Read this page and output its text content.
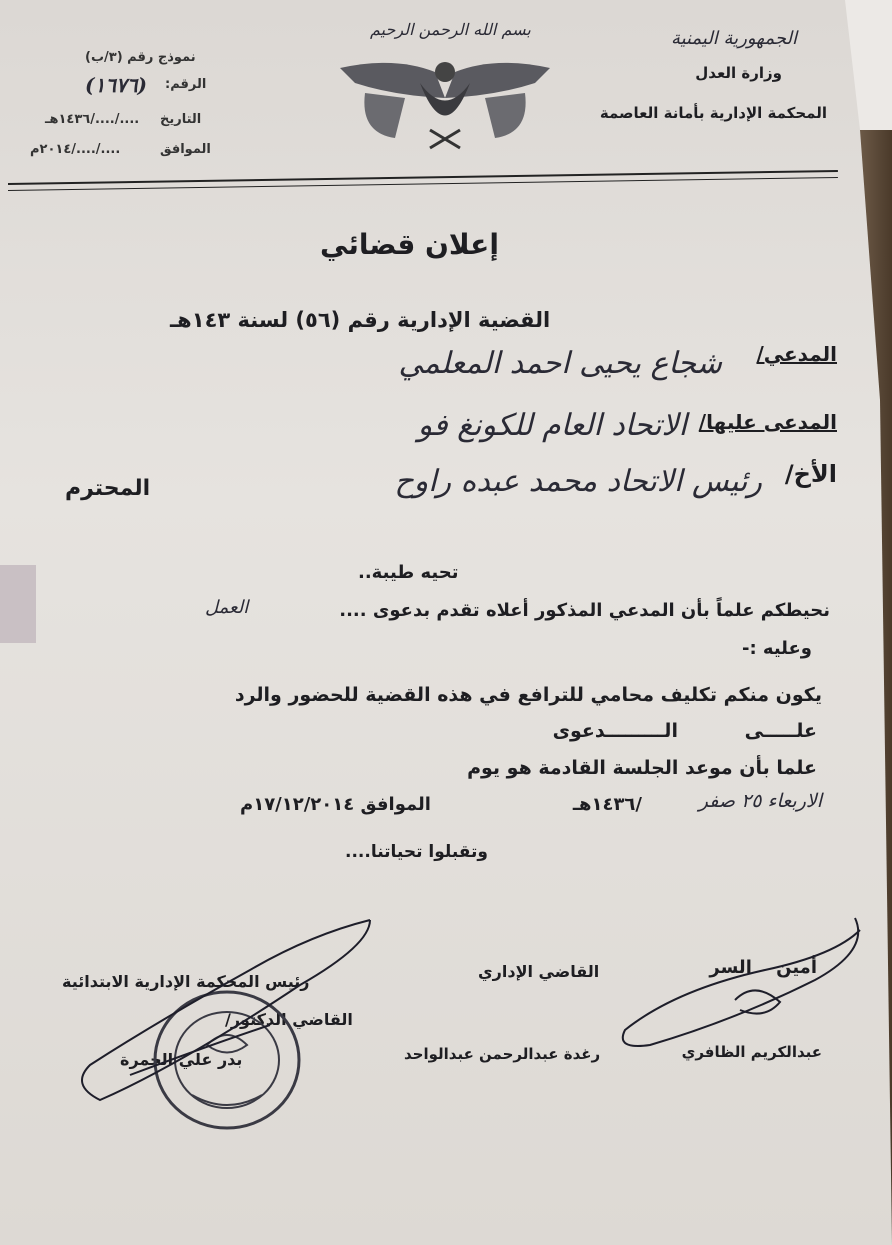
الجمهورية اليمنية
وزارة العدل
المحكمة الإدارية بأمانة العاصمة
بسم الله الرحمن الرحيم
نموذج رقم (٣/ب)
الرقم:
(١٦٧٦)
التاريخ
..../..../١٤٣٦هـ
الموافق
..../..../٢٠١٤م
إعلان قضائي
القضية الإدارية رقم (٥٦) لسنة ١٤٣هـ
المدعي/
شجاع يحيى احمد المعلمي
المدعى عليها/
الاتحاد العام للكونغ فو
الأخ/
رئيس الاتحاد محمد عبده راوح
المحترم
تحيه طيبة..
نحيطكم علماً بأن المدعي المذكور أعلاه تقدم بدعوى ....
العمل
وعليه :-
يكون منكم تكليف محامي للترافع في هذه القضية للحضور والرد
علـــــى الـــــــــدعوى
علما بأن موعد الجلسة القادمة هو يوم
الاربعاء ٢٥ صفر
/١٤٣٦هـ
الموافق ١٧/١٢/٢٠١٤م
وتقبلوا تحياتنا....
أمين السر
عبدالكريم الظافري
القاضي الإداري
رغدة عبدالرحمن عبدالواحد
رئيس المحكمة الإدارية الابتدائية
القاضي الدكتور/
بدر علي الجمرة
